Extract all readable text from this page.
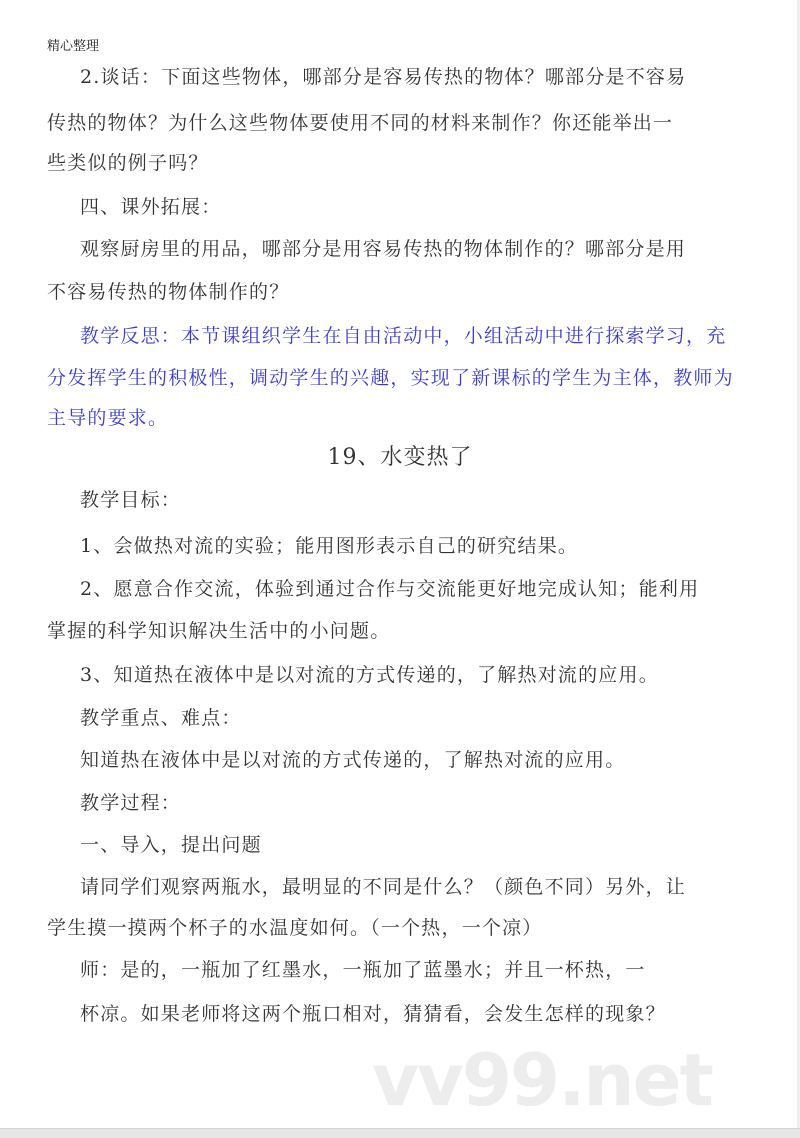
精心整理
2.谈话：下面这些物体，哪部分是容易传热的物体？哪部分是不容易
传热的物体？为什么这些物体要使用不同的材料来制作？你还能举出一
些类似的例子吗？
四、课外拓展：
观察厨房里的用品，哪部分是用容易传热的物体制作的？哪部分是用
不容易传热的物体制作的？
教学反思：本节课组织学生在自由活动中，小组活动中进行探索学习，充
分发挥学生的积极性，调动学生的兴趣，实现了新课标的学生为主体，教师为
主导的要求。
19、水变热了
教学目标：
1、会做热对流的实验；能用图形表示自己的研究结果。
2、愿意合作交流，体验到通过合作与交流能更好地完成认知；能利用
掌握的科学知识解决生活中的小问题。
3、知道热在液体中是以对流的方式传递的，了解热对流的应用。
教学重点、难点：
知道热在液体中是以对流的方式传递的，了解热对流的应用。
教学过程：
一、导入，提出问题
请同学们观察两瓶水，最明显的不同是什么？（颜色不同）另外，让
学生摸一摸两个杯子的水温度如何。（一个热，一个凉）
师：是的，一瓶加了红墨水，一瓶加了蓝墨水；并且一杯热，一
杯凉。如果老师将这两个瓶口相对，猜猜看，会发生怎样的现象？
vv99.net
